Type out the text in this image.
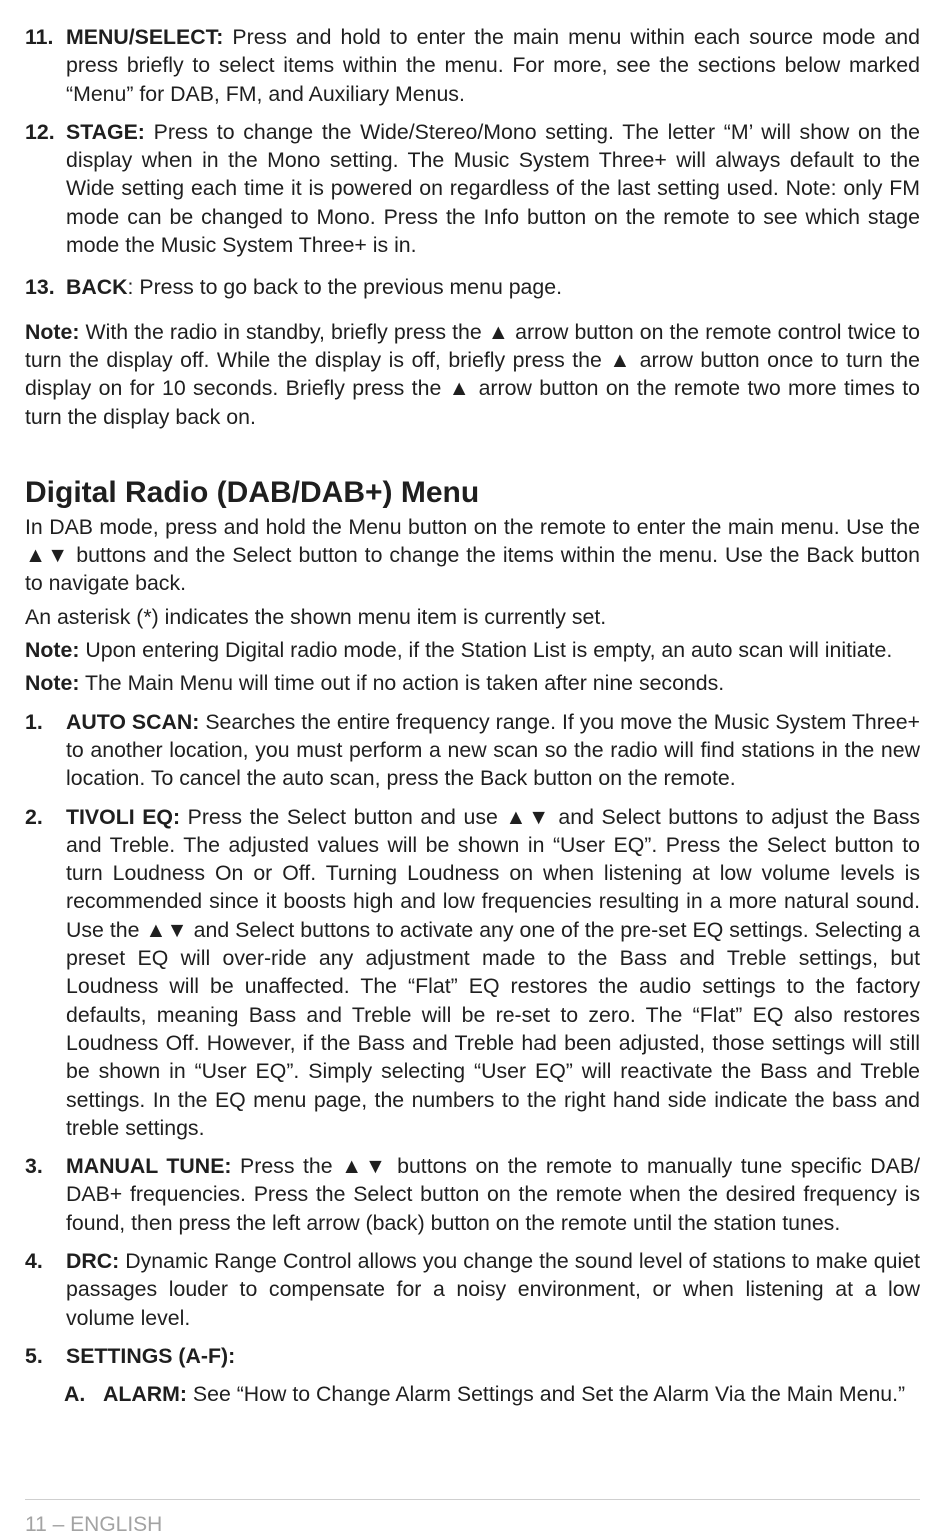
11. MENU/SELECT: Press and hold to enter the main menu within each source mode and press briefly to select items within the menu. For more, see the sections below marked “Menu” for DAB, FM, and Auxiliary Menus.
12. STAGE: Press to change the Wide/Stereo/Mono setting. The letter “M’ will show on the display when in the Mono setting. The Music System Three+ will always default to the Wide setting each time it is powered on regardless of the last setting used. Note: only FM mode can be changed to Mono. Press the Info button on the remote to see which stage mode the Music System Three+ is in.
13. BACK: Press to go back to the previous menu page.

Note: With the radio in standby, briefly press the ▲ arrow button on the remote control twice to turn the display off. While the display is off, briefly press the ▲ arrow button once to turn the display on for 10 seconds. Briefly press the ▲ arrow button on the remote two more times to turn the display back on.

Digital Radio (DAB/DAB+) Menu

In DAB mode, press and hold the Menu button on the remote to enter the main menu. Use the ▲▼ buttons and the Select button to change the items within the menu. Use the Back button to navigate back.

An asterisk (*) indicates the shown menu item is currently set.

Note: Upon entering Digital radio mode, if the Station List is empty, an auto scan will initiate.

Note: The Main Menu will time out if no action is taken after nine seconds.

1.	AUTO SCAN: Searches the entire frequency range. If you move the Music System Three+ to another location, you must perform a new scan so the radio will find stations in the new location. To cancel the auto scan, press the Back button on the remote.
2.	TIVOLI EQ: Press the Select button and use ▲▼ and Select buttons to adjust the Bass and Treble. The adjusted values will be shown in “User EQ”. Press the Select button to turn Loudness On or Off. Turning Loudness on when listening at low volume levels is recommended since it boosts high and low frequencies resulting in a more natural sound. Use the ▲▼ and Select buttons to activate any one of the pre-set EQ settings. Selecting a preset EQ will over-ride any adjustment made to the Bass and Treble settings, but Loudness will be unaffected. The “Flat” EQ restores the audio settings to the factory defaults, meaning Bass and Treble will be re-set to zero. The “Flat” EQ also restores Loudness Off. However, if the Bass and Treble had been adjusted, those settings will still be shown in “User EQ”. Simply selecting “User EQ” will reactivate the Bass and Treble settings. In the EQ menu page, the numbers to the right hand side indicate the bass and treble settings.
3.	MANUAL TUNE: Press the ▲▼ buttons on the remote to manually tune specific DAB/ DAB+ frequencies. Press the Select button on the remote when the desired frequency is found, then press the left arrow (back) button on the remote until the station tunes.
4.	DRC: Dynamic Range Control allows you change the sound level of stations to make quiet passages louder to compensate for a noisy environment, or when listening at a low volume level.
5.	SETTINGS (A-F):
A. ALARM: See “How to Change Alarm Settings and Set the Alarm Via the Main Menu.”
11 – ENGLISH
